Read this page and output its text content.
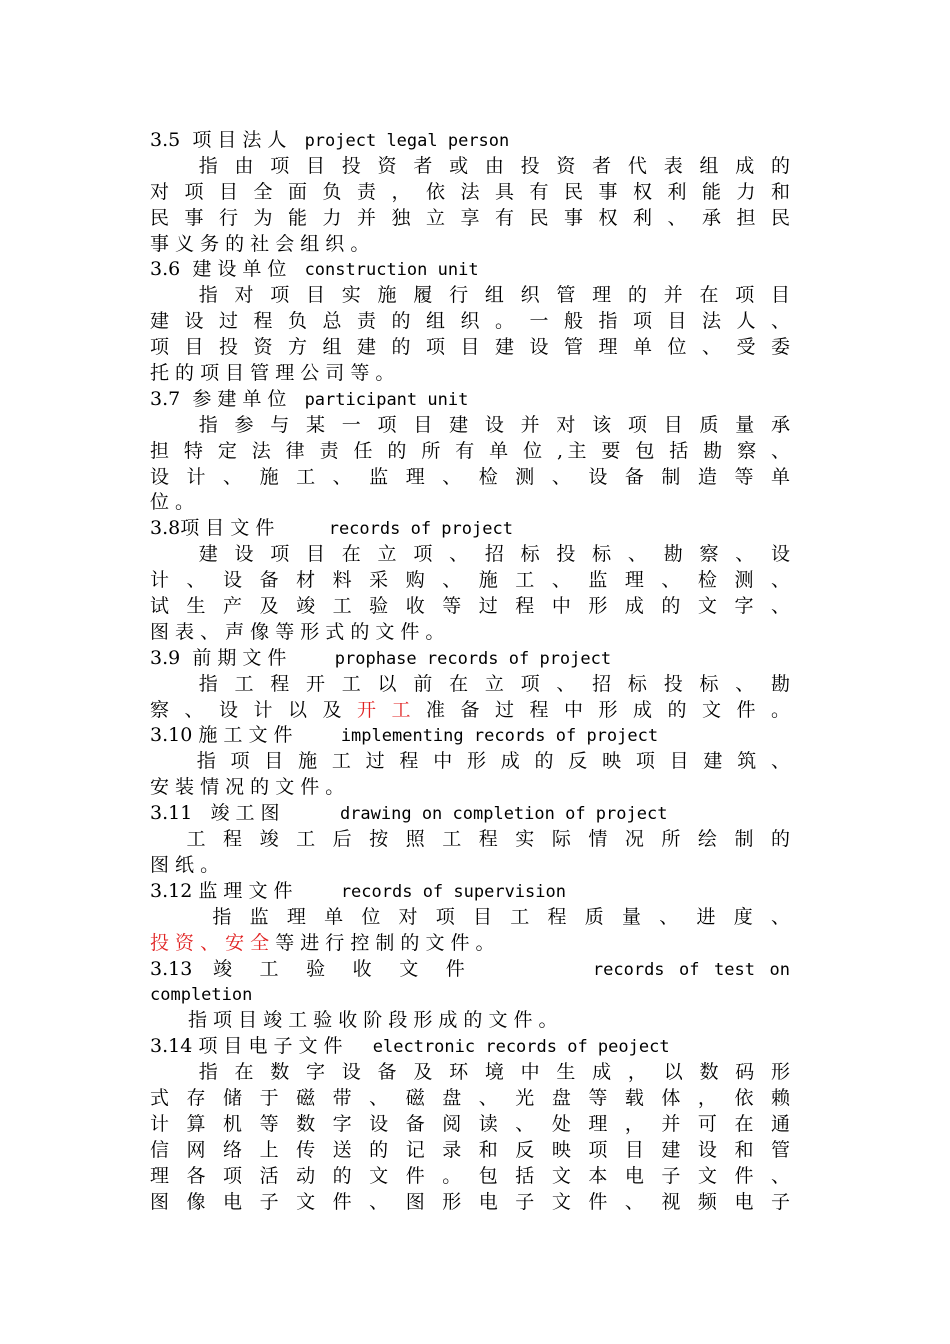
3.5 项 目 法 人 project legal person
　　指 由 项 目 投 资 者 或 由 投 资 者 代 表 组 成 的
对 项 目 全 面 负 责 ， 依 法 具 有 民 事 权 利 能 力 和
民 事 行 为 能 力 并 独 立 享 有 民 事 权 利 、 承 担 民
事 义 务 的 社 会 组 织 。
3.6 建 设 单 位 construction unit
　　指 对 项 目 实 施 履 行 组 织 管 理 的 并 在 项 目
建 设 过 程 负 总 责 的 组 织 。 一 般 指 项 目 法 人 、
项 目 投 资 方 组 建 的 项 目 建 设 管 理 单 位 、 受 委
托 的 项 目 管 理 公 司 等 。
3.7 参 建 单 位 participant unit
　　指 参 与 某 一 项 目 建 设 并 对 该 项 目 质 量 承
担 特 定 法 律 责 任 的 所 有 单 位 ,主 要 包 括 勘 察 、
设 计 、 施 工 、 监 理 、 检 测 、 设 备 制 造 等 单
位 。
3.8项 目 文 件	records of project
　　建 设 项 目 在 立 项 、 招 标 投 标 、 勘 察 、 设
计 、 设 备 材 料 采 购 、 施 工 、 监 理 、 检 测 、
试 生 产 及 竣 工 验 收 等 过 程 中 形 成 的 文 字 、
图 表 、 声 像 等 形 式 的 文 件 。
3.9 前 期 文 件	prophase records of project
　　指 工 程 开 工 以 前 在 立 项 、 招 标 投 标 、 勘
察 、 设 计 以 及 开 工 准 备 过 程 中 形 成 的 文 件 。
3.10 施 工 文 件	implementing records of project
　　指 项 目 施 工 过 程 中 形 成 的 反 映 项 目 建 筑 、
安 装 情 况 的 文 件 。
3.11 竣 工 图	drawing on completion of project
　 工 程 竣 工 后 按 照 工 程 实 际 情 况 所 绘 制 的
图 纸 。
3.12 监 理 文 件	records of supervision
　　 指 监 理 单 位 对 项 目 工 程 质 量 、 进 度 、
投 资 、 安 全 等 进 行 控 制 的 文 件 。
3.13 竣　工　验　收　文　件	records of test on
completion
　　指 项 目 竣 工 验 收 阶 段 形 成 的 文 件 。
3.14 项 目 电 子 文 件 electronic records of peoject
　　指 在 数 字 设 备 及 环 境 中 生 成 ， 以 数 码 形
式 存 储 于 磁 带 、 磁 盘 、 光 盘 等 载 体 ， 依 赖
计 算 机 等 数 字 设 备 阅 读 、 处 理 ， 并 可 在 通
信 网 络 上 传 送 的 记 录 和 反 映 项 目 建 设 和 管
理 各 项 活 动 的 文 件 。 包 括 文 本 电 子 文 件 、
图 像 电 子 文 件 、 图 形 电 子 文 件 、 视 频 电 子
